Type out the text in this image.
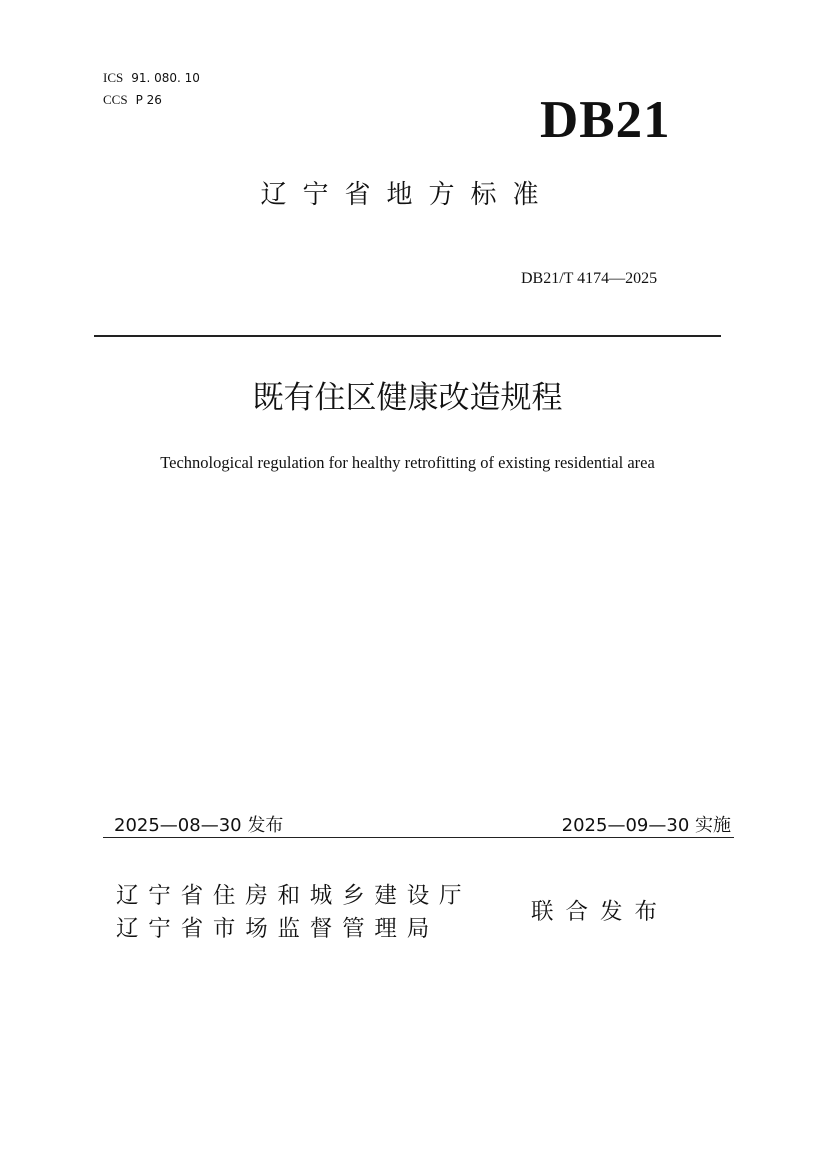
ICS 91. 080. 10
CCS P 26	DB21
辽宁省地方标准
DB21/T 4174—2025
既有住区健康改造规程
Technological regulation for healthy retrofitting of existing residential area
2025—08—30 发布	2025—09—30 实施
辽宁省住房和城乡建设厅
辽宁省市场监督管理局
联合发布
